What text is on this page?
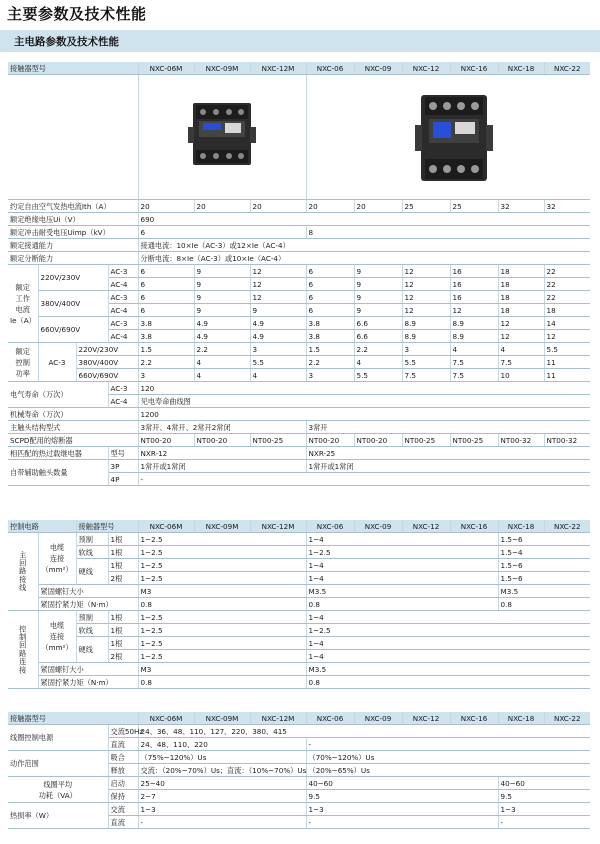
主要参数及技术性能
主电路参数及技术性能
接触器型号				NXC-06M	NXC-09M	NXC-12M	NXC-06	NXC-09	NXC-12	NXC-16	NXC-18	NXC-22

约定自由空气发热电流Ith（A）				20	20	20	20	20	25	25	32	32
额定绝缘电压Ui（V）				690								
额定冲击耐受电压Uimp（kV）				6			8					
额定接通能力				接通电流：10×Ie（AC-3）或12×Ie（AC-4）								
额定分断能力				分断电流：8×Ie（AC-3）或10×Ie（AC-4）								
额定
工作
电流
Ie（A）	220V/230V		AC-3	6	9	12	6	9	12	16	18	22
			AC-4	6	9	12	6	9	12	16	18	22
	380V/400V		AC-3	6	9	12	6	9	12	16	18	22
			AC-4	6	9	9	6	9	12	12	18	18
	660V/690V		AC-3	3.8	4.9	4.9	3.8	6.6	8.9	8.9	12	14
			AC-4	3.8	4.9	4.9	3.8	6.6	8.9	8.9	12	12
额定
控制
功率	AC-3	220V/230V		1.5	2.2	3	1.5	2.2	3	4	4	5.5
		380V/400V		2.2	4	5.5	2.2	4	5.5	7.5	7.5	11
		660V/690V		3	4	4	3	5.5	7.5	7.5	10	11
电气寿命（万次）			AC-3	120								
			AC-4	见电寿命曲线图								
机械寿命（万次）				1200								
主触头结构型式				3常开、4常开、2常开2常闭			3常开					
SCPD配用的熔断器				NT00-20	NT00-20	NT00-25	NT00-20	NT00-20	NT00-25	NT00-25	NT00-32	NT00-32
相匹配的热过载继电器			型号	NXR-12			NXR-25					
自带辅助触头数量			3P	1常开或1常闭			1常开或1常闭					
			4P	-								
控制电路		接触器型号		NXC-06M	NXC-09M	NXC-12M	NXC-06	NXC-09	NXC-12	NXC-16	NXC-18	NXC-22

主回路接线	电缆
连接
（mm²）	预制	1根	1~2.5			1~4				1.5~6	
		软线	1根	1~2.5			1~2.5				1.5~4	
		硬线	1根	1~2.5			1~4				1.5~6	
			2根	1~2.5			1~4				1.5~6	
	紧固螺钉大小			M3			M3.5				M3.5	
	紧固拧紧力矩（N·m）			0.8			0.8				0.8	

控制回路连接	电缆
连接
（mm²）	预制	1根	1~2.5			1~4					
		软线	1根	1~2.5			1~2.5					
		硬线	1根	1~2.5			1~4					
			2根	1~2.5			1~4					
	紧固螺钉大小			M3			M3.5					
	紧固拧紧力矩（N·m）			0.8			0.8					
接触器型号		NXC-06M	NXC-09M	NXC-12M	NXC-06	NXC-09	NXC-12	NXC-16	NXC-18	NXC-22
线圈控制电源	交流50Hz	24、36、48、110、127、220、380、415								
	直流	24、48、110、220			-					
动作范围	吸合	（75%~120%）Us			（70%~120%）Us					
	释放	交流：（20%~70%）Us；直流：（10%~70%）Us			（20%~65%）Us					
线圈平均
功耗（VA）	启动	25~40			40~60				40~60	
	保持	2~7			9.5				9.5	
热损率（W）	交流	1~3			1~3				1~3	
	直流	-			-				-	
